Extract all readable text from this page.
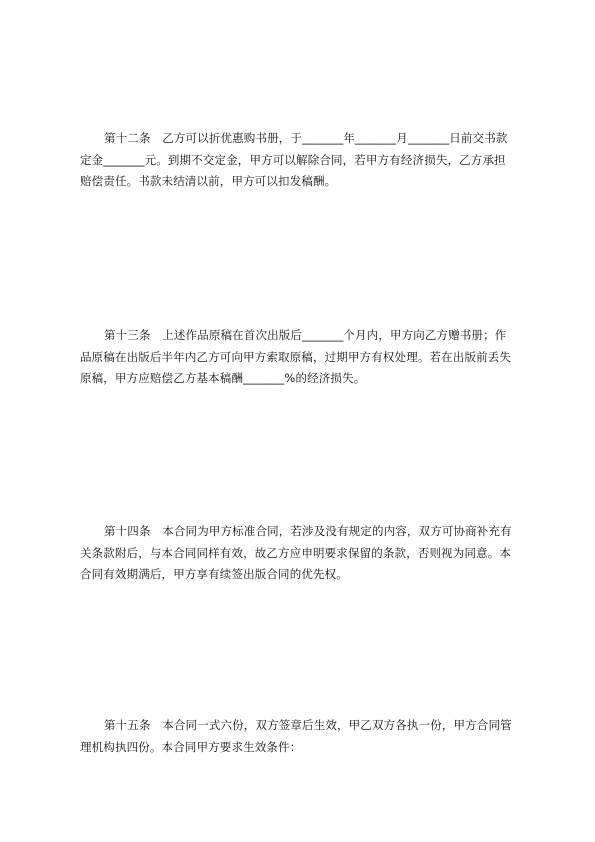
第十二条　乙方可以折优惠购书册，于_______年_______月_______日前交书款
定金_______元。到期不交定金，甲方可以解除合同，若甲方有经济损失，乙方承担
赔偿责任。书款未结清以前，甲方可以扣发稿酬。

第十三条　上述作品原稿在首次出版后_______个月内，甲方向乙方赠书册；作
品原稿在出版后半年内乙方可向甲方索取原稿，过期甲方有权处理。若在出版前丢失
原稿，甲方应赔偿乙方基本稿酬_______%的经济损失。

第十四条　本合同为甲方标准合同，若涉及没有规定的内容，双方可协商补充有
关条款附后，与本合同同样有效，故乙方应申明要求保留的条款，否则视为同意。本
合同有效期满后，甲方享有续签出版合同的优先权。

第十五条　本合同一式六份，双方签章后生效，甲乙双方各执一份，甲方合同管
理机构执四份。本合同甲方要求生效条件：
